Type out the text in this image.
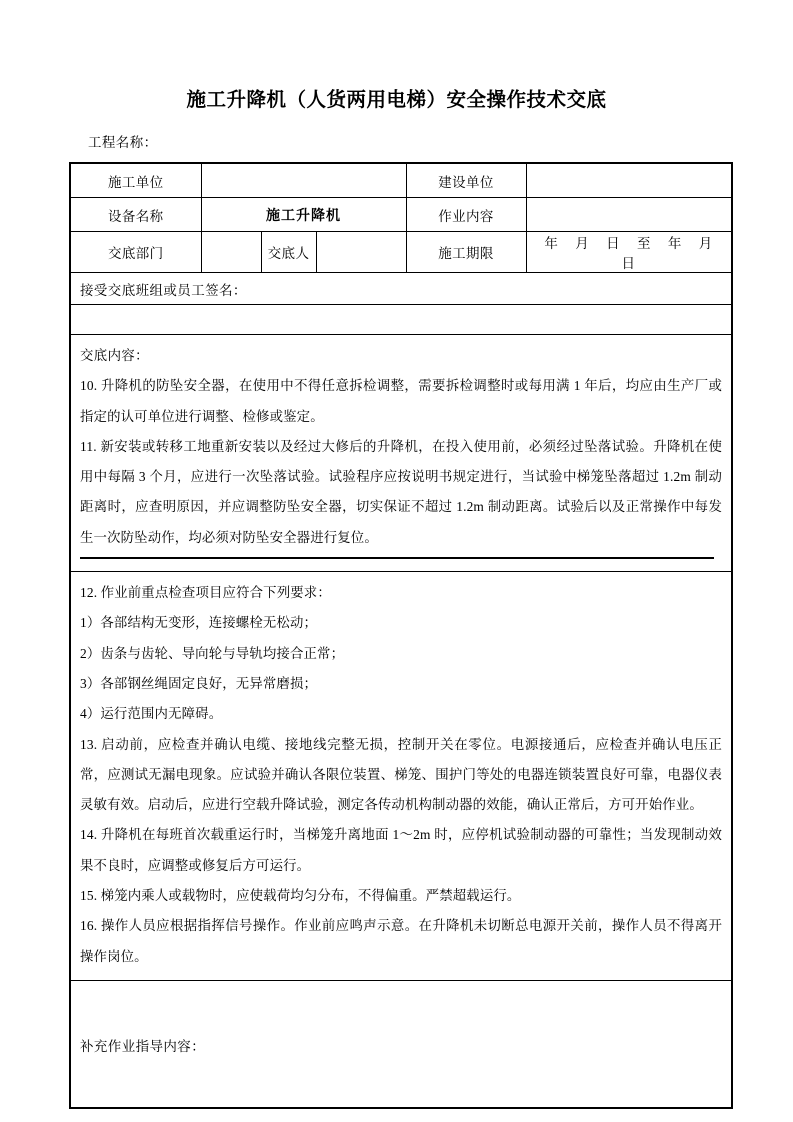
施工升降机（人货两用电梯）安全操作技术交底
工程名称：
施工单位				建设单位	
设备名称	施工升降机			作业内容	
交底部门		交底人		施工期限	年 月 日 至 年 月 日

接受交底班组或员工签名：					

交底内容：

10. 升降机的防坠安全器，在使用中不得任意拆检调整，需要拆检调整时或每用满 1 年后，均应由生产厂或指定的认可单位进行调整、检修或鉴定。

11. 新安装或转移工地重新安装以及经过大修后的升降机，在投入使用前，必须经过坠落试验。升降机在使用中每隔 3 个月，应进行一次坠落试验。试验程序应按说明书规定进行，当试验中梯笼坠落超过 1.2m 制动距离时，应查明原因，并应调整防坠安全器，切实保证不超过 1.2m 制动距离。试验后以及正常操作中每发生一次防坠动作，均必须对防坠安全器进行复位。					

12. 作业前重点检查项目应符合下列要求：

1）各部结构无变形，连接螺栓无松动；

2）齿条与齿轮、导向轮与导轨均接合正常；

3）各部钢丝绳固定良好，无异常磨损；

4）运行范围内无障碍。

13. 启动前，应检查并确认电缆、接地线完整无损，控制开关在零位。电源接通后，应检查并确认电压正常，应测试无漏电现象。应试验并确认各限位装置、梯笼、围护门等处的电器连锁装置良好可靠，电器仪表灵敏有效。启动后，应进行空载升降试验，测定各传动机构制动器的效能，确认正常后，方可开始作业。

14. 升降机在每班首次载重运行时，当梯笼升离地面 1～2m 时，应停机试验制动器的可靠性；当发现制动效果不良时，应调整或修复后方可运行。

15. 梯笼内乘人或载物时，应使载荷均匀分布，不得偏重。严禁超载运行。

16. 操作人员应根据指挥信号操作。作业前应鸣声示意。在升降机未切断总电源开关前，操作人员不得离开操作岗位。

补充作业指导内容：					
